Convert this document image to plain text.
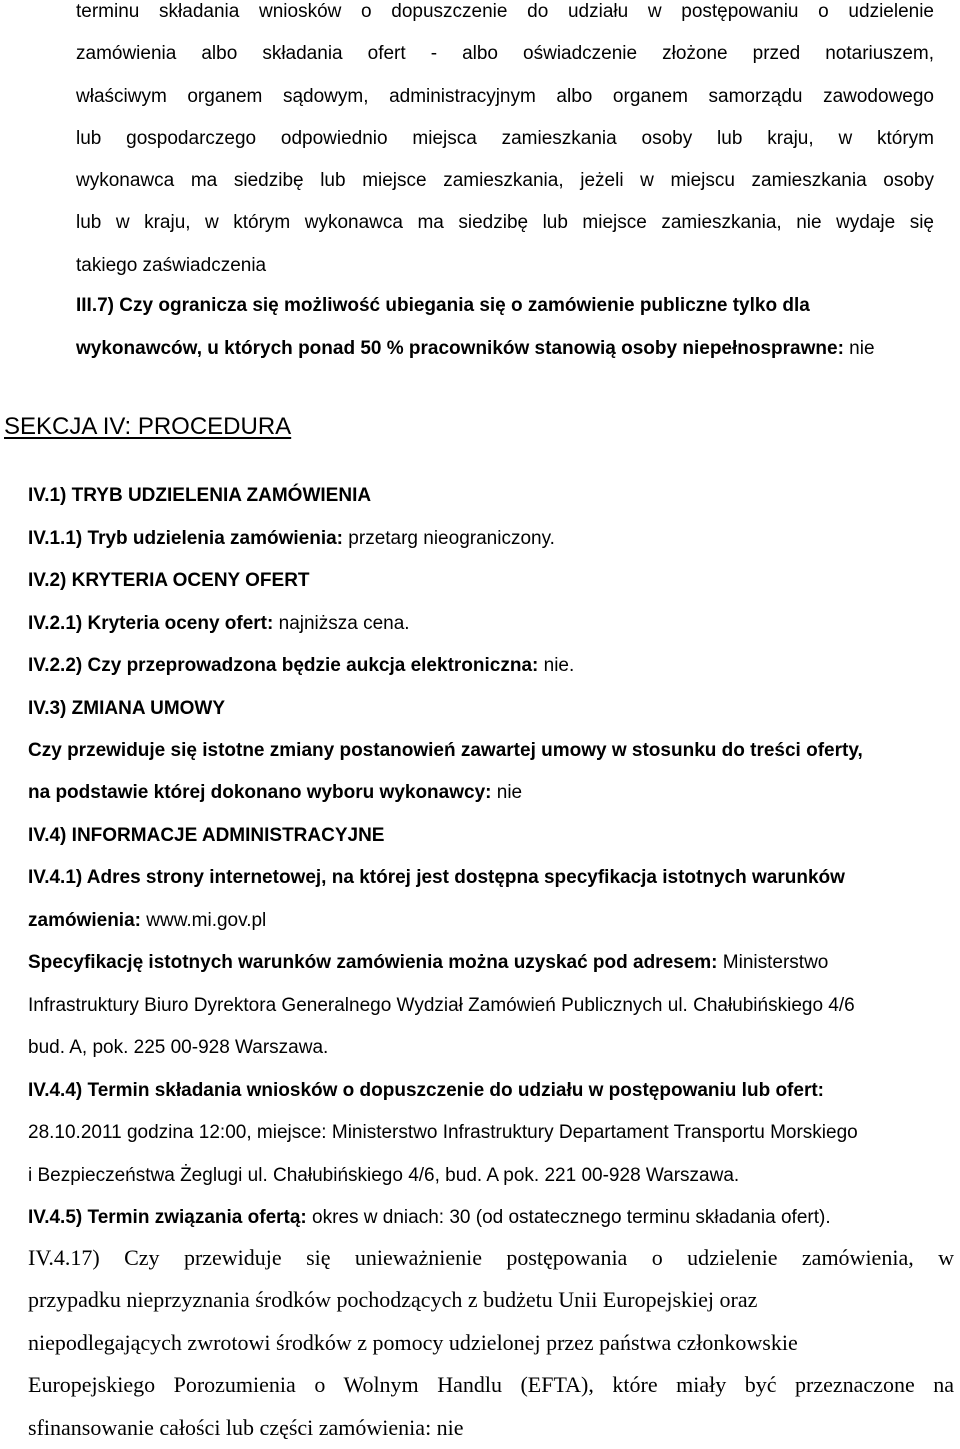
terminu składania wniosków o dopuszczenie do udziału w postępowaniu o udzielenie
zamówienia albo składania ofert - albo oświadczenie złożone przed notariuszem,
właściwym organem sądowym, administracyjnym albo organem samorządu zawodowego
lub gospodarczego odpowiednio miejsca zamieszkania osoby lub kraju, w którym
wykonawca ma siedzibę lub miejsce zamieszkania, jeżeli w miejscu zamieszkania osoby
lub w kraju, w którym wykonawca ma siedzibę lub miejsce zamieszkania, nie wydaje się
takiego zaświadczenia
III.7) Czy ogranicza się możliwość ubiegania się o zamówienie publiczne tylko dla
wykonawców, u których ponad 50 % pracowników stanowią osoby niepełnosprawne: nie
SEKCJA IV: PROCEDURA
IV.1) TRYB UDZIELENIA ZAMÓWIENIA
IV.1.1) Tryb udzielenia zamówienia: przetarg nieograniczony.
IV.2) KRYTERIA OCENY OFERT
IV.2.1) Kryteria oceny ofert: najniższa cena.
IV.2.2) Czy przeprowadzona będzie aukcja elektroniczna: nie.
IV.3) ZMIANA UMOWY
Czy przewiduje się istotne zmiany postanowień zawartej umowy w stosunku do treści oferty,
na podstawie której dokonano wyboru wykonawcy: nie
IV.4) INFORMACJE ADMINISTRACYJNE
IV.4.1) Adres strony internetowej, na której jest dostępna specyfikacja istotnych warunków
zamówienia: www.mi.gov.pl
Specyfikację istotnych warunków zamówienia można uzyskać pod adresem: Ministerstwo
Infrastruktury Biuro Dyrektora Generalnego Wydział Zamówień Publicznych ul. Chałubińskiego 4/6
bud. A, pok. 225 00-928 Warszawa.
IV.4.4) Termin składania wniosków o dopuszczenie do udziału w postępowaniu lub ofert:
28.10.2011 godzina 12:00, miejsce: Ministerstwo Infrastruktury Departament Transportu Morskiego
i Bezpieczeństwa Żeglugi ul. Chałubińskiego 4/6, bud. A pok. 221 00-928 Warszawa.
IV.4.5) Termin związania ofertą: okres w dniach: 30 (od ostatecznego terminu składania ofert).
IV.4.17) Czy przewiduje się unieważnienie postępowania o udzielenie zamówienia, w
przypadku nieprzyznania środków pochodzących z budżetu Unii Europejskiej oraz
niepodlegających zwrotowi środków z pomocy udzielonej przez państwa członkowskie
Europejskiego Porozumienia o Wolnym Handlu (EFTA), które miały być przeznaczone na
sfinansowanie całości lub części zamówienia: nie
